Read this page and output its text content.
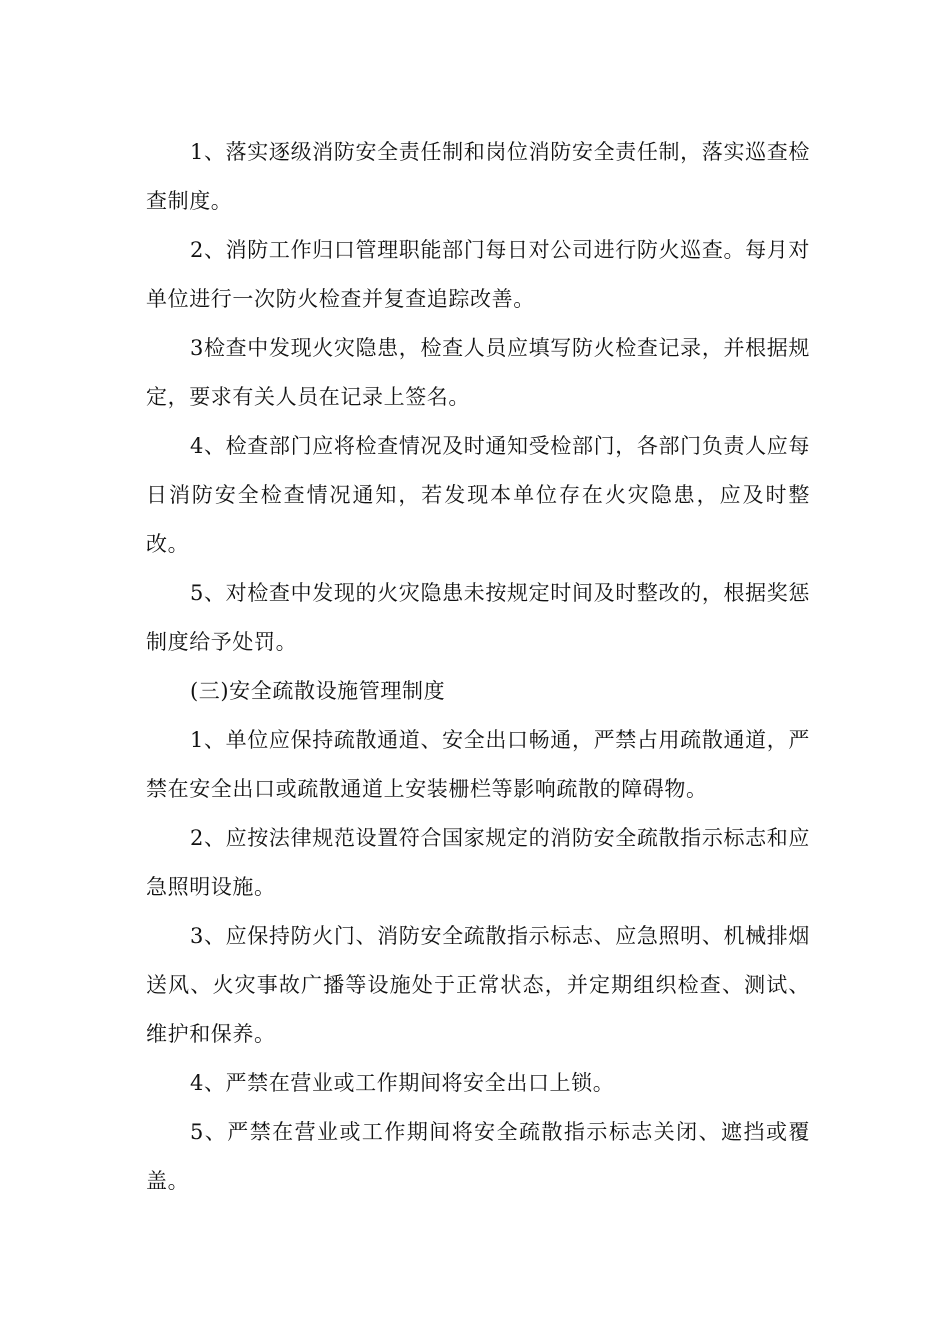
1、落实逐级消防安全责任制和岗位消防安全责任制，落实巡查检查制度。

2、消防工作归口管理职能部门每日对公司进行防火巡查。每月对单位进行一次防火检查并复查追踪改善。

3检查中发现火灾隐患，检查人员应填写防火检查记录，并根据规定，要求有关人员在记录上签名。

4、检查部门应将检查情况及时通知受检部门，各部门负责人应每日消防安全检查情况通知，若发现本单位存在火灾隐患，应及时整改。

5、对检查中发现的火灾隐患未按规定时间及时整改的，根据奖惩制度给予处罚。

(三)安全疏散设施管理制度

1、单位应保持疏散通道、安全出口畅通，严禁占用疏散通道，严禁在安全出口或疏散通道上安装栅栏等影响疏散的障碍物。

2、应按法律规范设置符合国家规定的消防安全疏散指示标志和应急照明设施。

3、应保持防火门、消防安全疏散指示标志、应急照明、机械排烟送风、火灾事故广播等设施处于正常状态，并定期组织检查、测试、维护和保养。

4、严禁在营业或工作期间将安全出口上锁。

5、严禁在营业或工作期间将安全疏散指示标志关闭、遮挡或覆盖。
